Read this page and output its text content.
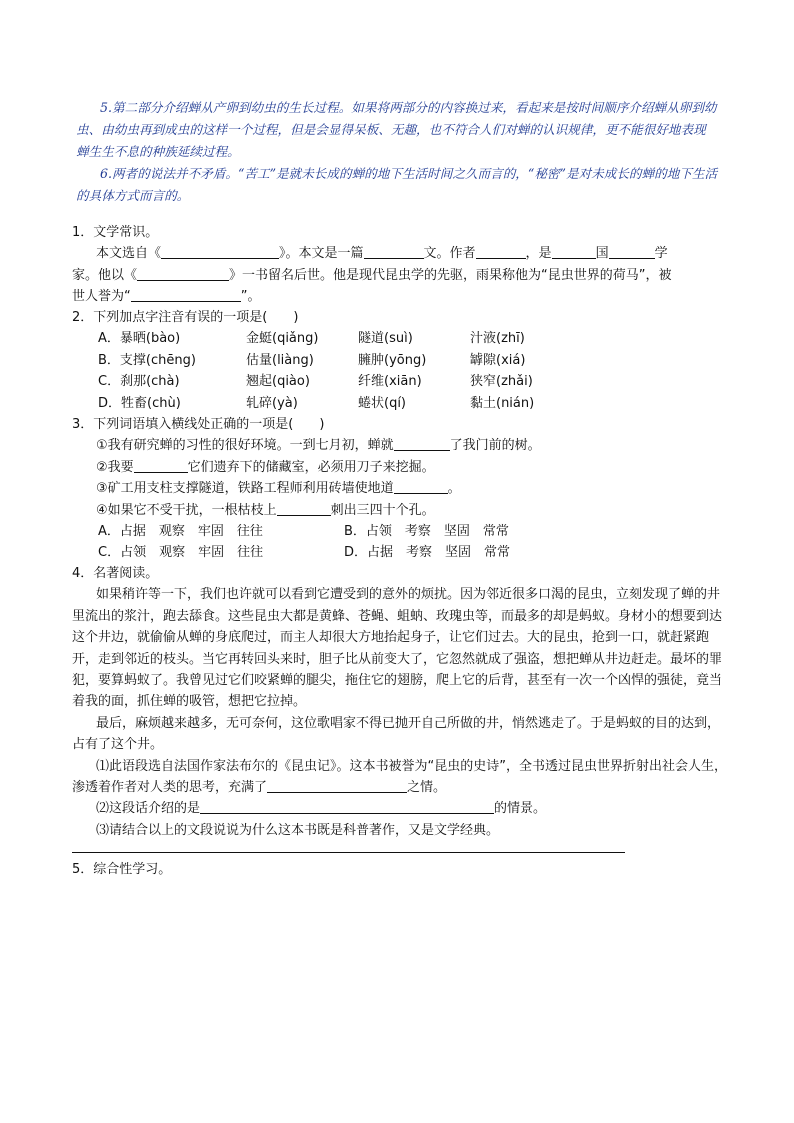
5.第二部分介绍蝉从产卵到幼虫的生长过程。如果将两部分的内容换过来，看起来是按时间顺序介绍蝉从卵到幼虫、由幼虫再到成虫的这样一个过程，但是会显得呆板、无趣，也不符合人们对蝉的认识规律，更不能很好地表现蝉生生不息的种族延续过程。

6.两者的说法并不矛盾。“苦工”是就未长成的蝉的地下生活时间之久而言的，“秘密”是对未成长的蝉的地下生活的具体方式而言的。

1．文学常识。

本文选自《	》。本文是一篇	文。作者	，是	国	学

家。他以《	》一书留名后世。他是现代昆虫学的先驱，雨果称他为“昆虫世界的荷马”，被

世人誉为“	”。

2．下列加点字注音有误的一项是(　　)

A．暴晒(bào)	金蜓(qiǎng)	隧道(suì)	汁液(zhī)
B．支撑(chēng)	估量(liàng)	臃肿(yōng)	罅隙(xiá)
C．刹那(chà)	翘起(qiào)	纤维(xiān)	狭窄(zhǎi)
D．牲畜(chù)	轧碎(yà)	蜷状(qí)	黏土(nián)

3．下列词语填入横线处正确的一项是(　　)

①我有研究蝉的习性的很好环境。一到七月初，蝉就	了我门前的树。

②我要	它们遗弃下的储藏室，必须用刀子来挖掘。

③矿工用支柱支撑隧道，铁路工程师利用砖墙使地道	。

④如果它不受干扰，一根枯枝上	刺出三四十个孔。

A．占据　观察　牢固　往往	B．占领　考察　坚固　常常
C．占领　观察　牢固　往往	D．占据　考察　坚固　常常

4．名著阅读。

如果稍许等一下，我们也许就可以看到它遭受到的意外的烦扰。因为邻近很多口渴的昆虫，立刻发现了蝉的井里流出的浆汁，跑去舔食。这些昆虫大都是黄蜂、苍蝇、蛆蚋、玫瑰虫等，而最多的却是蚂蚁。身材小的想要到达这个井边，就偷偷从蝉的身底爬过，而主人却很大方地抬起身子，让它们过去。大的昆虫，抢到一口，就赶紧跑开，走到邻近的枝头。当它再转回头来时，胆子比从前变大了，它忽然就成了强盗，想把蝉从井边赶走。最坏的罪犯，要算蚂蚁了。我曾见过它们咬紧蝉的腿尖，拖住它的翅膀，爬上它的后背，甚至有一次一个凶悍的强徒，竟当着我的面，抓住蝉的吸管，想把它拉掉。

最后，麻烦越来越多，无可奈何，这位歌唱家不得已抛开自己所做的井，悄然逃走了。于是蚂蚁的目的达到，占有了这个井。

⑴此语段选自法国作家法布尔的《昆虫记》。这本书被誉为“昆虫的史诗”，全书透过昆虫世界折射出社会人生，渗透着作者对人类的思考，充满了	之情。

⑵这段话介绍的是	的情景。

⑶请结合以上的文段说说为什么这本书既是科普著作，又是文学经典。

5．综合性学习。
